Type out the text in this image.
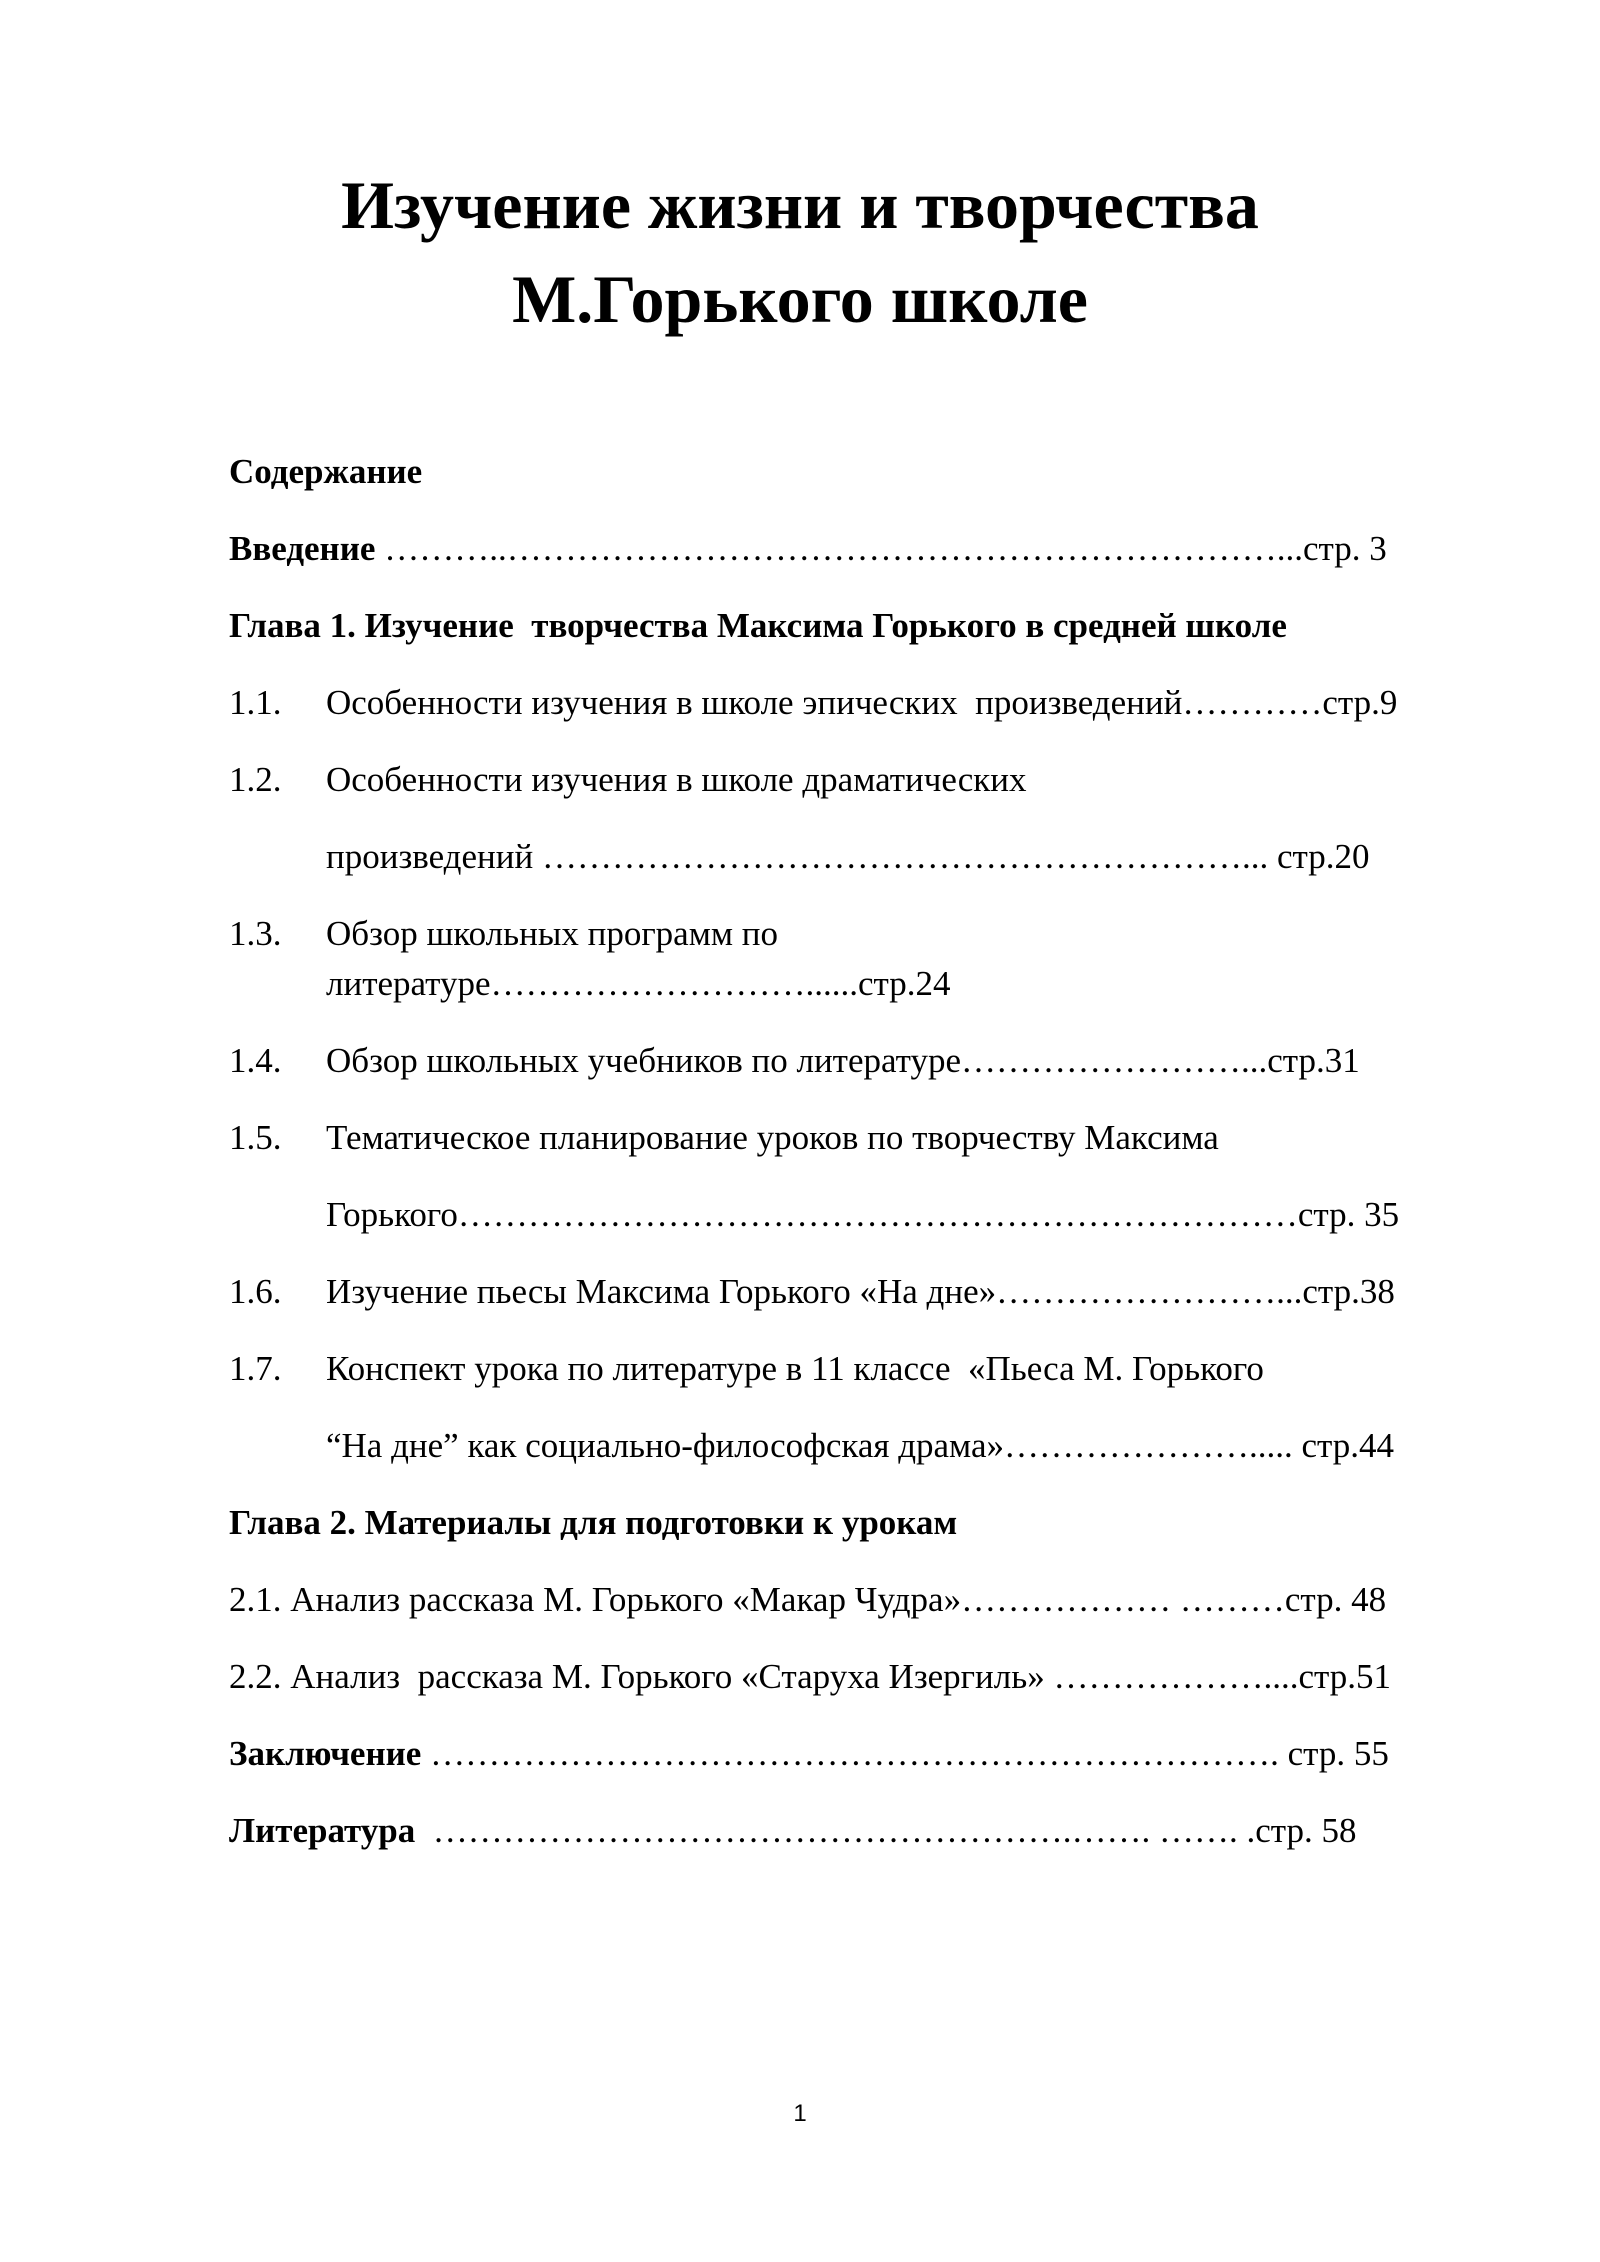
Изучение жизни и творчества
М.Горького школе
Содержание
Введение ………..…………………………………………………………...стр. 3
Глава 1. Изучение  творчества Максима Горького в средней школе
1.1. Особенности изучения в школе эпических  произведений…………стр.9
1.2. Особенности изучения в школе драматических
произведений ……………………………………………………... стр.20
1.3. Обзор школьных программ по
литературе………………………......стр.24
1.4. Обзор школьных учебников по литературе……………………...стр.31
1.5. Тематическое планирование уроков по творчеству Максима
Горького………………………………………………………………стр. 35
1.6. Изучение пьесы Максима Горького «На дне»……………………...стр.38
1.7. Конспект урока по литературе в 11 классе  «Пьеса М. Горького
“На дне” как социально-философская драма»…………………..... стр.44
Глава 2. Материалы для подготовки к урокам
2.1. Анализ рассказа М. Горького «Макар Чудра»……………… ………стр. 48
2.2. Анализ  рассказа М. Горького «Старуха Изергиль» ………………....стр.51
Заключение ………………………………………………………………. стр. 55
Литература  ……………………………………………….……. ……. .стр. 58
1
